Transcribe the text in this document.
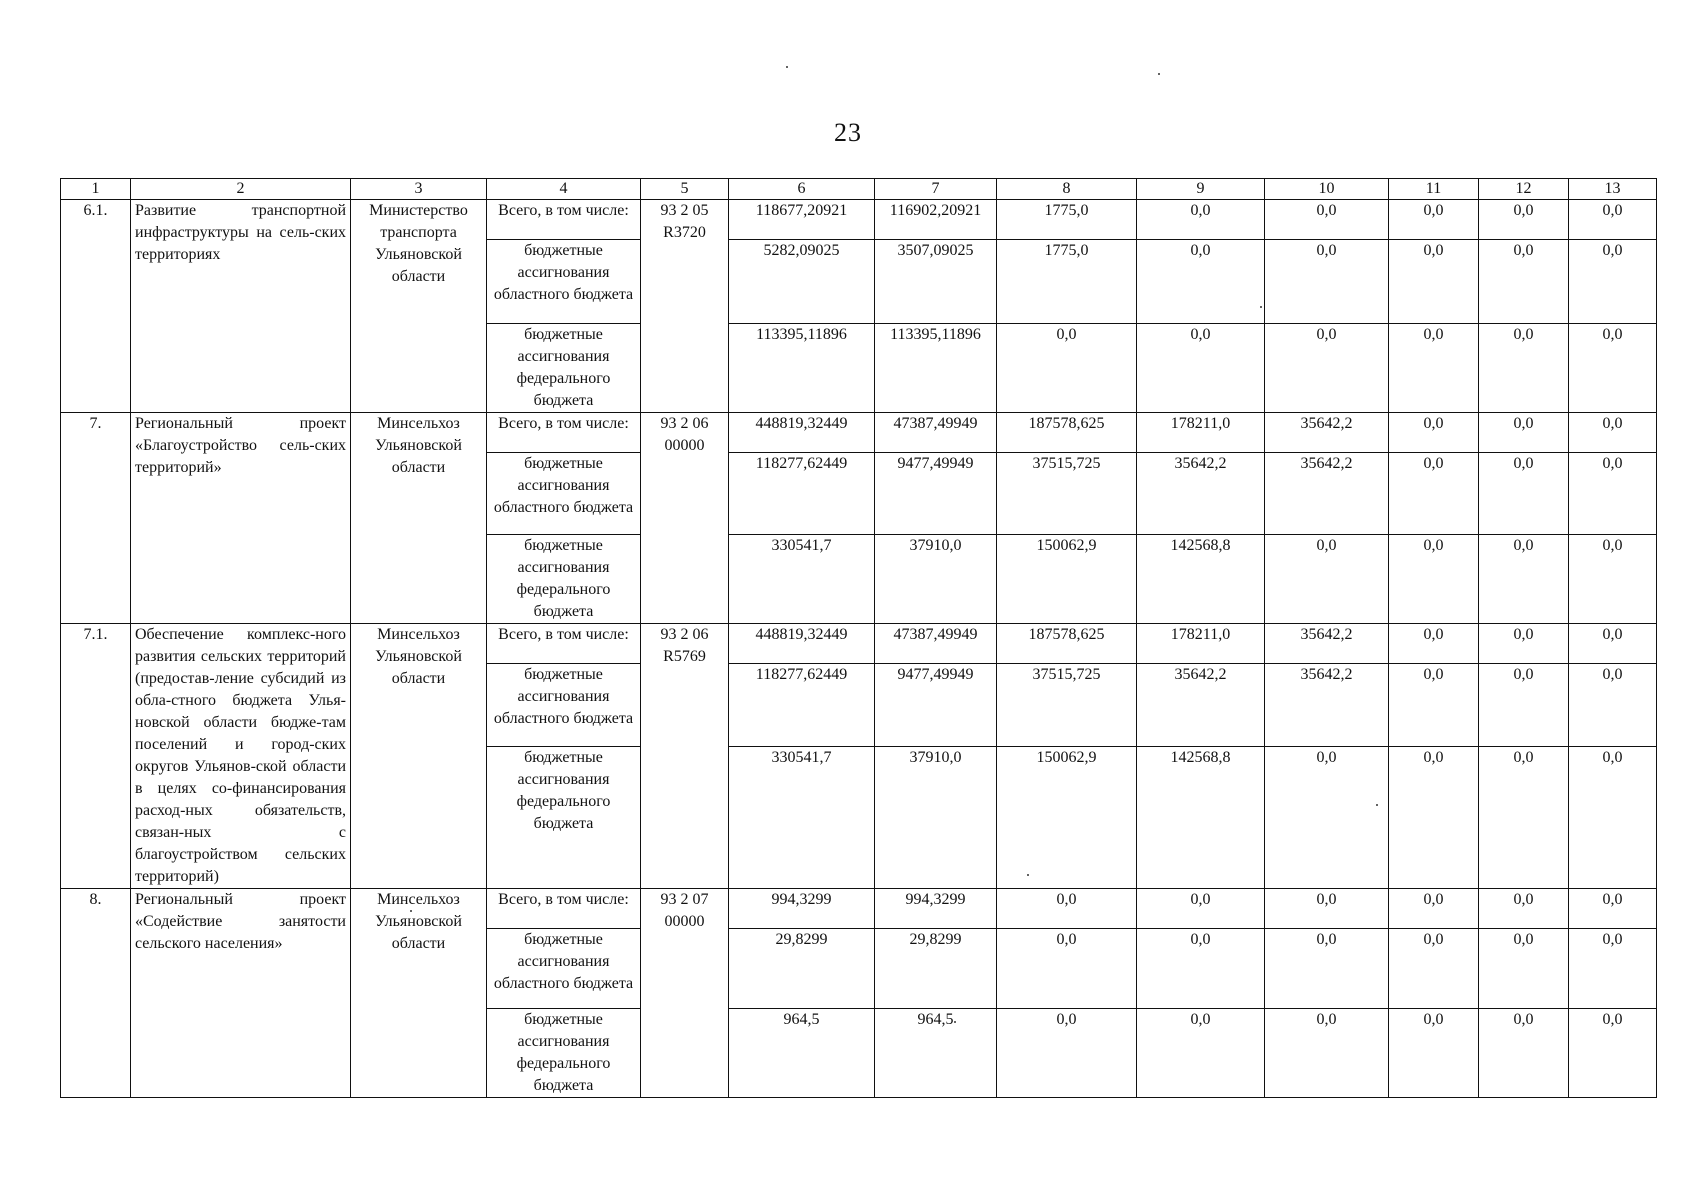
23
1	2	3	4	5	6	7	8	9	10	11	12	13
6.1.	Развитие транспортной инфраструктуры на сель-ских территориях	Министерство транспорта Ульяновской области	Всего, в том числе:	93 2 05 R3720	118677,20921	116902,20921	1775,0	0,0	0,0	0,0	0,0	0,0
			бюджетные ассигнования областного бюджета		5282,09025	3507,09025	1775,0	0,0	0,0	0,0	0,0	0,0
			бюджетные ассигнования федерального бюджета		113395,11896	113395,11896	0,0	0,0	0,0	0,0	0,0	0,0
7.	Региональный проект «Благоустройство сель-ских территорий»	Минсельхоз Ульяновской области	Всего, в том числе:	93 2 06 00000	448819,32449	47387,49949	187578,625	178211,0	35642,2	0,0	0,0	0,0
			бюджетные ассигнования областного бюджета		118277,62449	9477,49949	37515,725	35642,2	35642,2	0,0	0,0	0,0
			бюджетные ассигнования федерального бюджета		330541,7	37910,0	150062,9	142568,8	0,0	0,0	0,0	0,0
7.1.	Обеспечение комплекс-ного развития сельских территорий (предостав-ление субсидий из обла-стного бюджета Улья-новской области бюдже-там поселений и город-ских округов Ульянов-ской области в целях со-финансирования расход-ных обязательств, связан-ных с благоустройством сельских территорий)	Минсельхоз Ульяновской области	Всего, в том числе:	93 2 06 R5769	448819,32449	47387,49949	187578,625	178211,0	35642,2	0,0	0,0	0,0
			бюджетные ассигнования областного бюджета		118277,62449	9477,49949	37515,725	35642,2	35642,2	0,0	0,0	0,0
			бюджетные ассигнования федерального бюджета		330541,7	37910,0	150062,9	142568,8	0,0	0,0	0,0	0,0
8.	Региональный проект «Содействие занятости сельского населения»	Минсельхоз Ульяновской области	Всего, в том числе:	93 2 07 00000	994,3299	994,3299	0,0	0,0	0,0	0,0	0,0	0,0
			бюджетные ассигнования областного бюджета		29,8299	29,8299	0,0	0,0	0,0	0,0	0,0	0,0
			бюджетные ассигнования федерального бюджета		964,5	964,5	0,0	0,0	0,0	0,0	0,0	0,0
